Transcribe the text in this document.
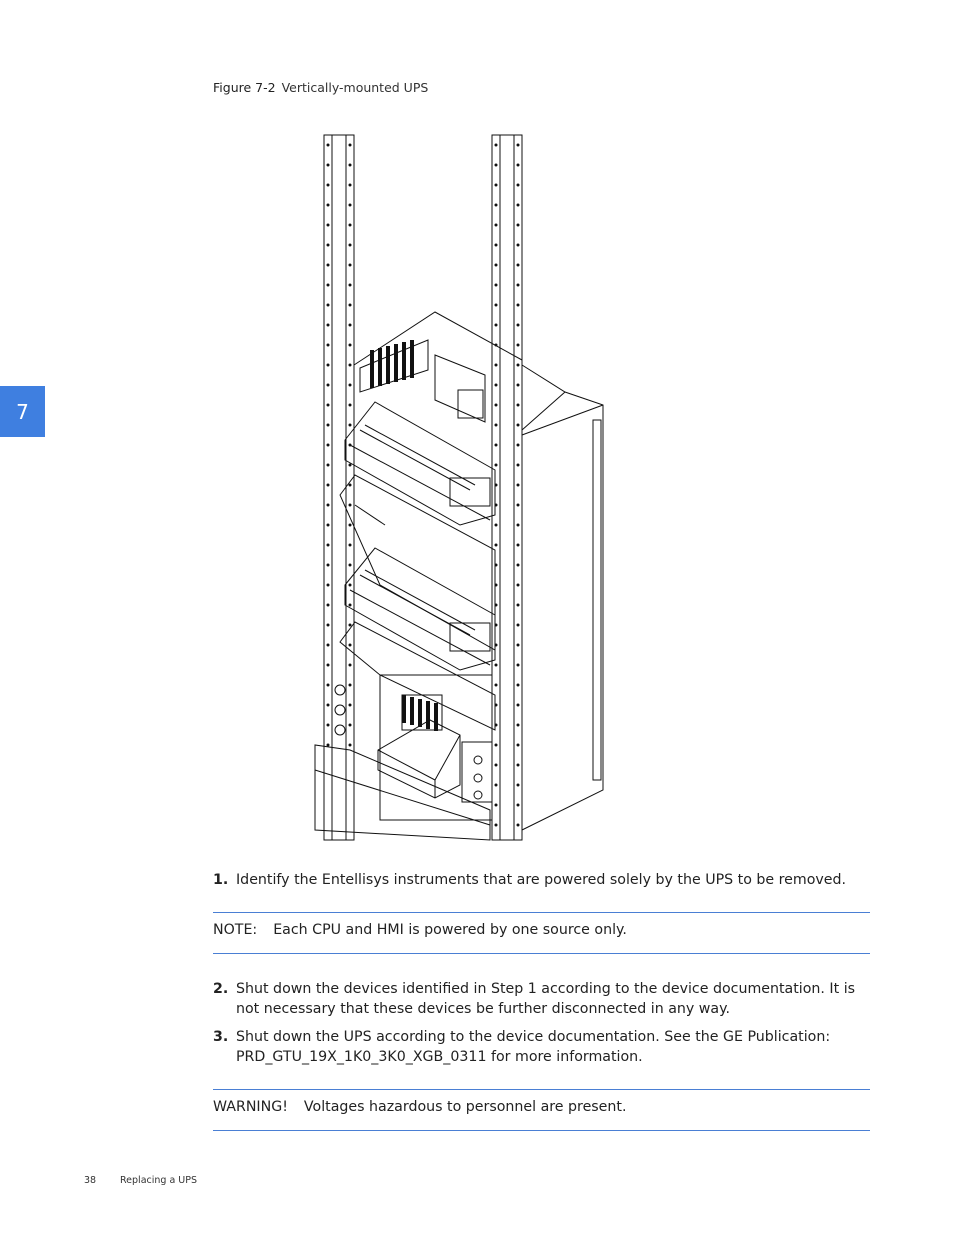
7
Figure 7-2 Vertically-mounted UPS
1. Identify the Entellisys instruments that are powered solely by the UPS to be removed.
NOTE: Each CPU and HMI is powered by one source only.
2. Shut down the devices identified in Step 1 according to the device documentation. It is not necessary that these devices be further disconnected in any way.
3. Shut down the UPS according to the device documentation. See the GE Publication: PRD_GTU_19X_1K0_3K0_XGB_0311 for more information.
WARNING! Voltages hazardous to personnel are present.
38	Replacing a UPS
